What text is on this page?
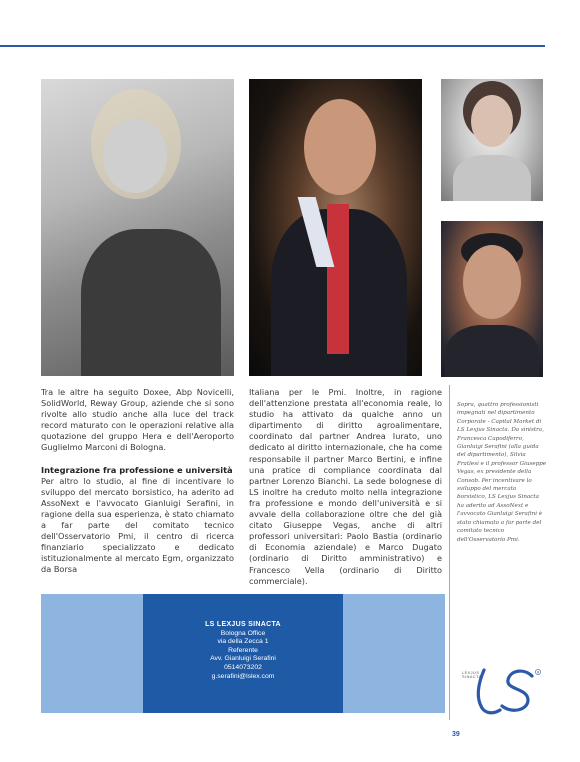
Tra le altre ha seguito Doxee, Abp Novicelli, SolidWorld, Reway Group, aziende che si sono rivolte allo studio anche alla luce del track record maturato con le operazioni relative alla quotazione del gruppo Hera e dell'Aeroporto Guglielmo Marconi di Bologna.

Integrazione fra professione e università

Per altro lo studio, al fine di incentivare lo sviluppo del mercato borsistico, ha aderito ad AssoNext e l'avvocato Gianluigi Serafini, in ragione della sua esperienza, è stato chiamato a far parte del comitato tecnico dell'Osservatorio Pmi, il centro di ricerca finanziario specializzato e dedicato istituzionalmente al mercato Egm, organizzato da Borsa

Italiana per le Pmi. Inoltre, in ragione dell'attenzione prestata all'economia reale, lo studio ha attivato da qualche anno un dipartimento di diritto agroalimentare, coordinato dal partner Andrea Iurato, uno dedicato al diritto internazionale, che ha come responsabile il partner Marco Bertini, e infine una pratice di compliance coordinata dal partner Lorenzo Bianchi. La sede bolognese di LS inoltre ha creduto molto nella integrazione fra professione e mondo dell'università e si avvale della collaborazione oltre che del già citato Giuseppe Vegas, anche di altri professori universitari: Paolo Bastia (ordinario di Economia aziendale) e Marco Dugato (ordinario di Diritto amministrativo) e Francesco Vella (ordinario di Diritto commerciale).

Sopra, quattro professionisti impegnati nel dipartimento Corporate - Capital Market di LS Lexjus Sinacta. Da sinistra, Francesca Capodiferro, Gianluigi Serafini (alla guida del dipartimento), Silvia Fratlesi e il professor Giuseppe Vegas, ex presidente della Consob. Per incentivare lo sviluppo del mercato borsistico, LS Lexjus Sinacta ha aderito ad AssoNext e l'avvocato Gianluigi Serafini è stato chiamato a far parte del comitato tecnico dell'Osservatorio Pmi.
LS LEXJUS SINACTA
Bologna Office
via della Zecca 1
Referente
Avv. Gianluigi Serafini
0514073202
g.serafini@lslex.com	LEXJUS
SINACTA
R
39
